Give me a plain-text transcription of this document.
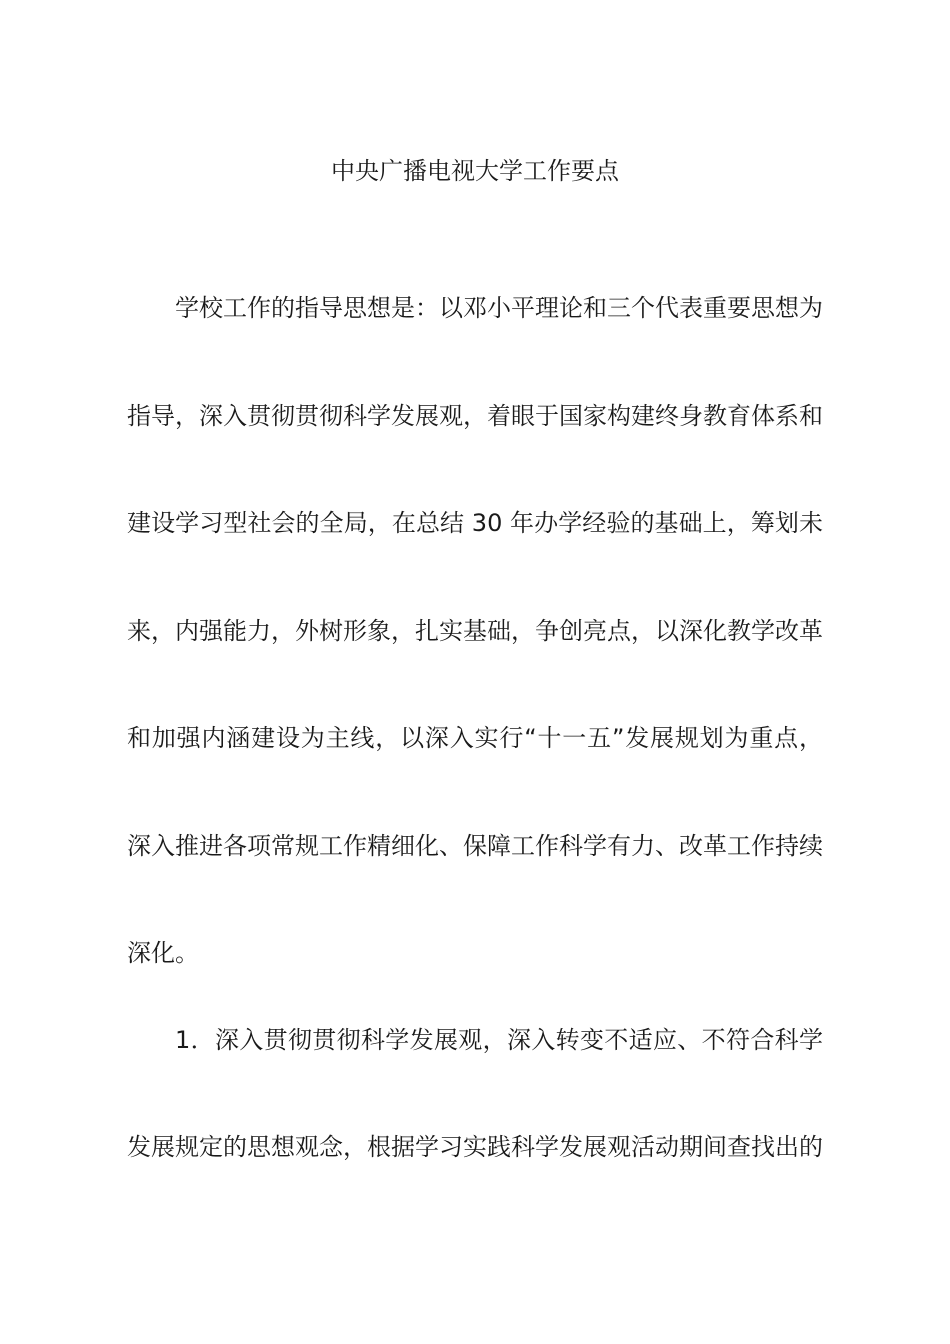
中央广播电视大学工作要点
学校工作的指导思想是：以邓小平理论和三个代表重要思想为
指导，深入贯彻贯彻科学发展观，着眼于国家构建终身教育体系和
建设学习型社会的全局，在总结 30 年办学经验的基础上，筹划未
来，内强能力，外树形象，扎实基础，争创亮点，以深化教学改革
和加强内涵建设为主线，以深入实行“十一五”发展规划为重点，
深入推进各项常规工作精细化、保障工作科学有力、改革工作持续
深化。
1．深入贯彻贯彻科学发展观，深入转变不适应、不符合科学
发展规定的思想观念，根据学习实践科学发展观活动期间查找出的
